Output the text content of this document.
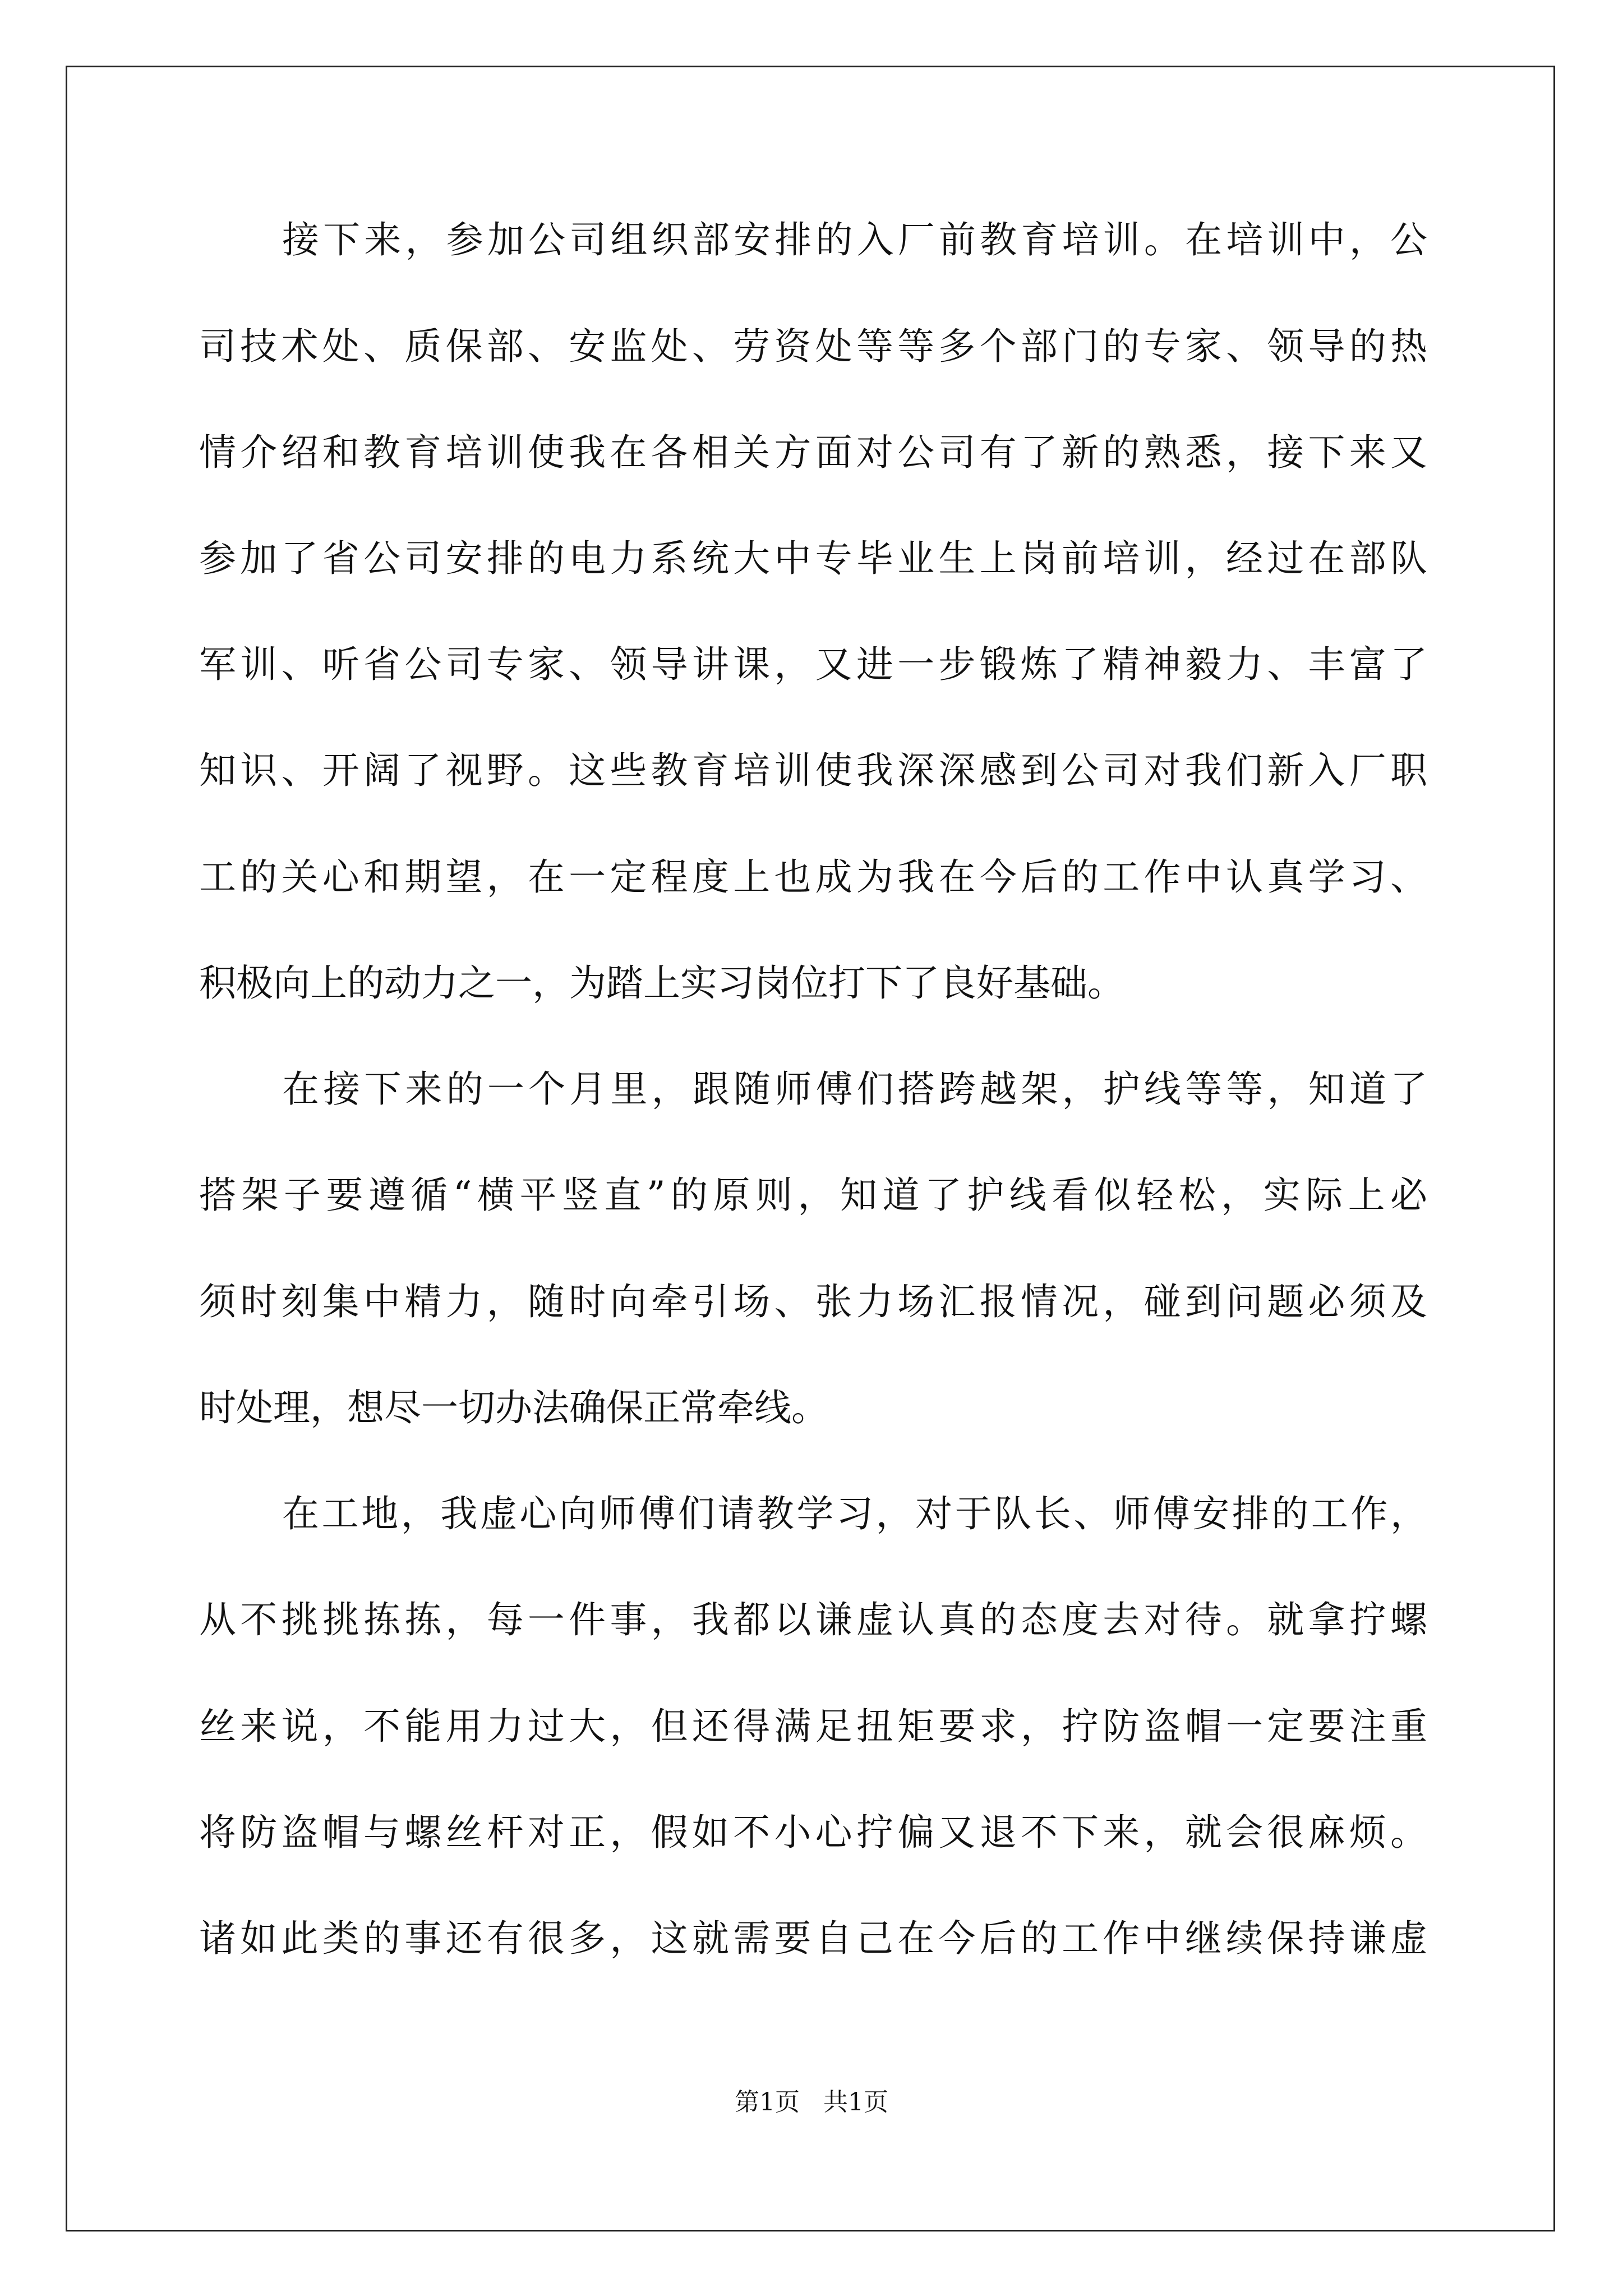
接下来，参加公司组织部安排的入厂前教育培训。在培训中，公
司技术处、质保部、安监处、劳资处等等多个部门的专家、领导的热
情介绍和教育培训使我在各相关方面对公司有了新的熟悉，接下来又
参加了省公司安排的电力系统大中专毕业生上岗前培训，经过在部队
军训、听省公司专家、领导讲课，又进一步锻炼了精神毅力、丰富了
知识、开阔了视野。这些教育培训使我深深感到公司对我们新入厂职
工的关心和期望，在一定程度上也成为我在今后的工作中认真学习、
积极向上的动力之一，为踏上实习岗位打下了良好基础。
在接下来的一个月里，跟随师傅们搭跨越架，护线等等，知道了
搭架子要遵循“横平竖直”的原则，知道了护线看似轻松，实际上必
须时刻集中精力，随时向牵引场、张力场汇报情况，碰到问题必须及
时处理，想尽一切办法确保正常牵线。
在工地，我虚心向师傅们请教学习，对于队长、师傅安排的工作，
从不挑挑拣拣，每一件事，我都以谦虚认真的态度去对待。就拿拧螺
丝来说，不能用力过大，但还得满足扭矩要求，拧防盗帽一定要注重
将防盗帽与螺丝杆对正，假如不小心拧偏又退不下来，就会很麻烦。
诸如此类的事还有很多，这就需要自己在今后的工作中继续保持谦虚
第1页 共1页
